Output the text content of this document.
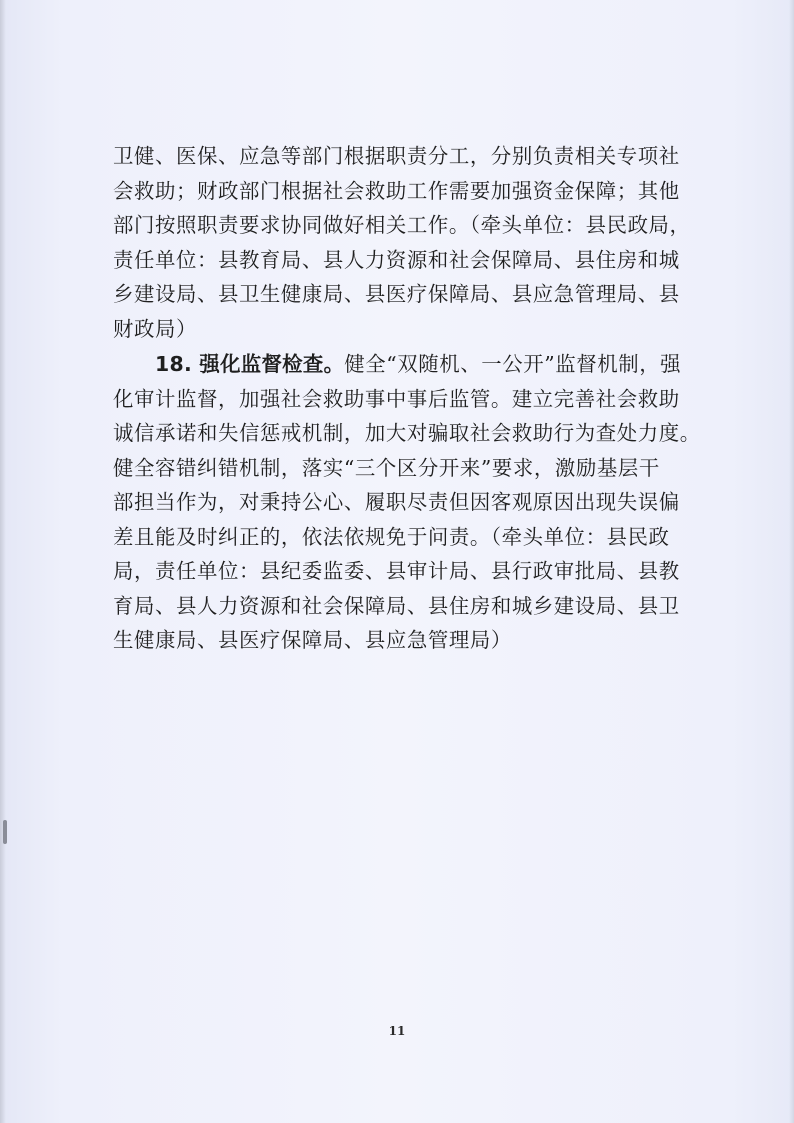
卫健、医保、应急等部门根据职责分工，分别负责相关专项社
会救助；财政部门根据社会救助工作需要加强资金保障；其他
部门按照职责要求协同做好相关工作。（牵头单位：县民政局，
责任单位：县教育局、县人力资源和社会保障局、县住房和城
乡建设局、县卫生健康局、县医疗保障局、县应急管理局、县
财政局）
18. 强化监督检查。健全“双随机、一公开”监督机制，强
化审计监督，加强社会救助事中事后监管。建立完善社会救助
诚信承诺和失信惩戒机制，加大对骗取社会救助行为查处力度。
健全容错纠错机制，落实“三个区分开来”要求，激励基层干
部担当作为，对秉持公心、履职尽责但因客观原因出现失误偏
差且能及时纠正的，依法依规免于问责。（牵头单位：县民政
局，责任单位：县纪委监委、县审计局、县行政审批局、县教
育局、县人力资源和社会保障局、县住房和城乡建设局、县卫
生健康局、县医疗保障局、县应急管理局）
11
